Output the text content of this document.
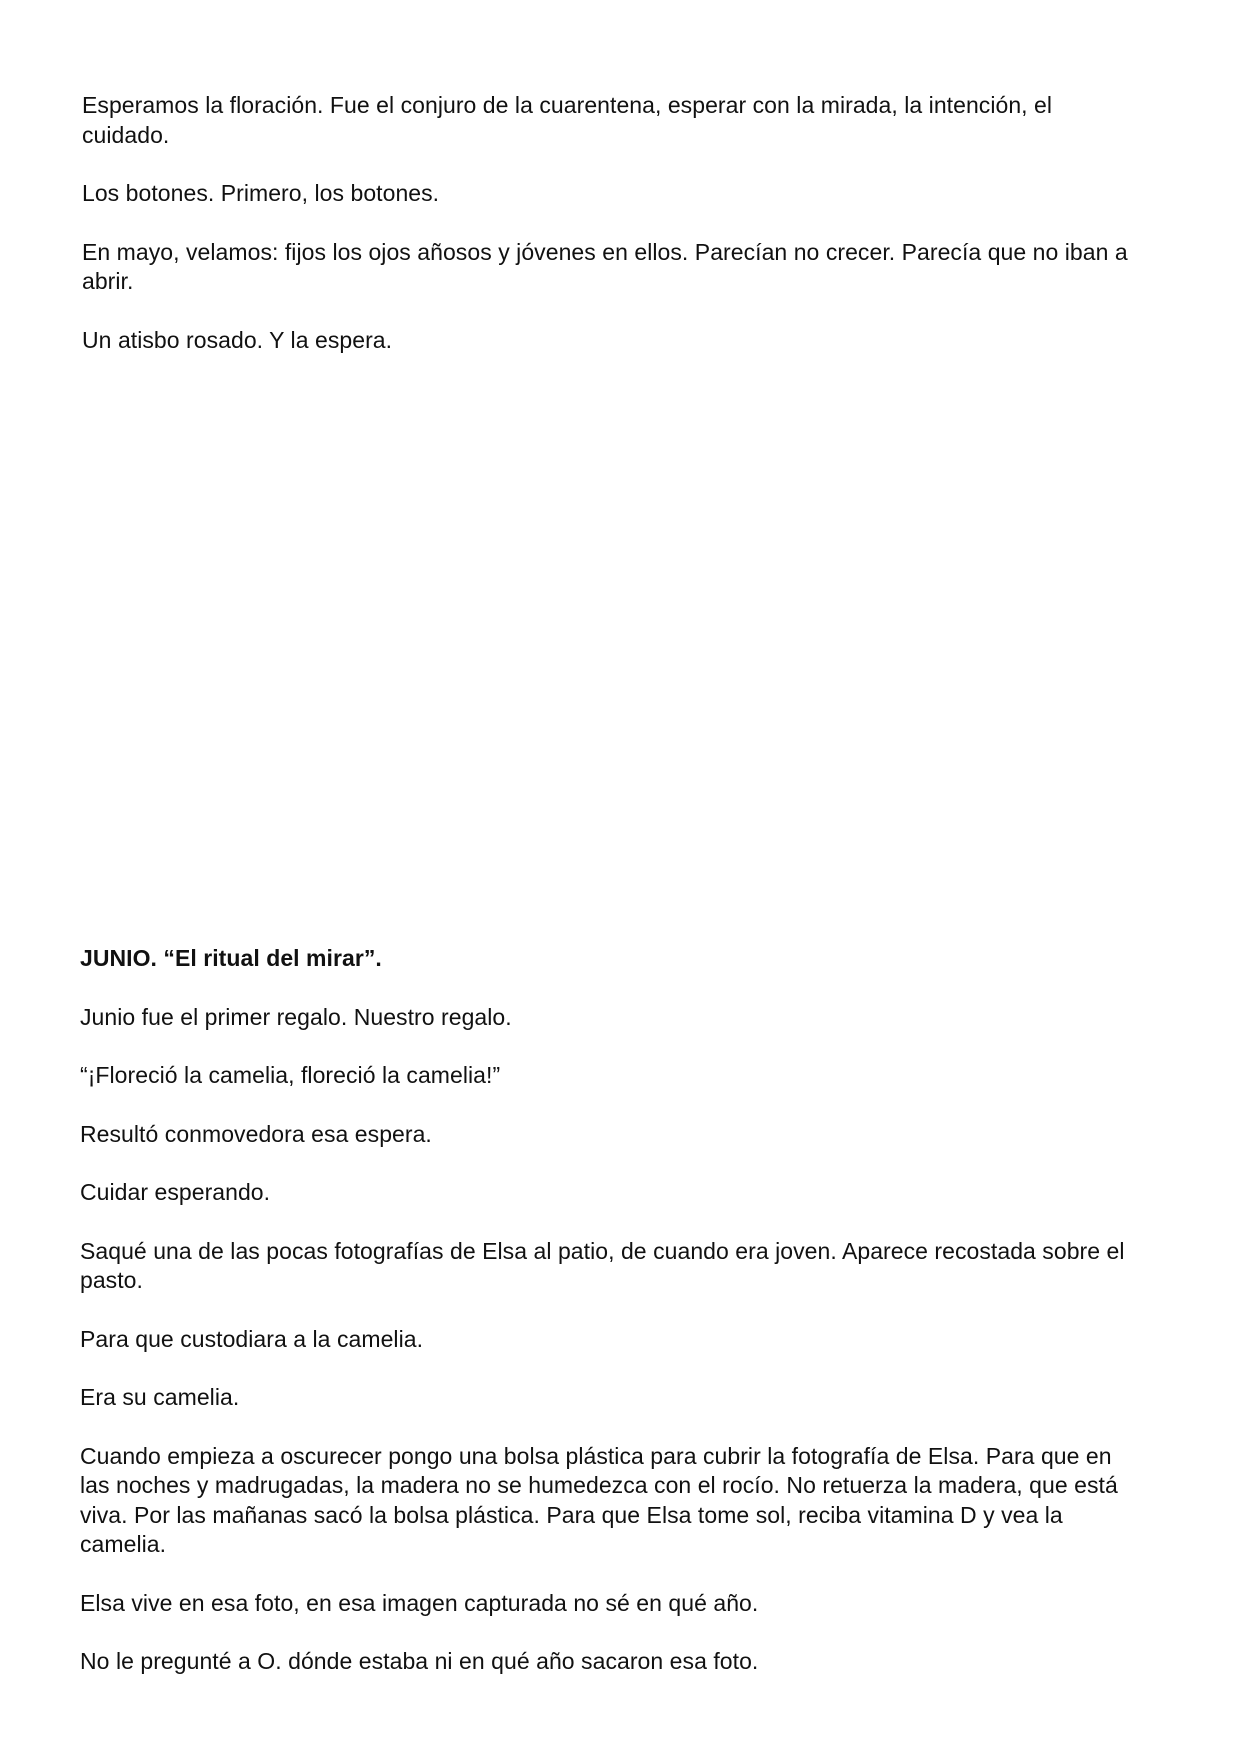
Esperamos la floración. Fue el conjuro de la cuarentena, esperar con la mirada, la intención, el cuidado.

Los botones. Primero, los botones.

En mayo, velamos: fijos los ojos añosos y jóvenes en ellos. Parecían no crecer. Parecía que no iban a abrir.

Un atisbo rosado. Y la espera.

JUNIO. “El ritual del mirar”.

Junio fue el primer regalo. Nuestro regalo.

“¡Floreció la camelia, floreció la camelia!”

Resultó conmovedora esa espera.

Cuidar esperando.

Saqué una de las pocas fotografías de Elsa al patio, de cuando era joven. Aparece recostada sobre el pasto.

Para que custodiara a la camelia.

Era su camelia.

Cuando empieza a oscurecer pongo una bolsa plástica para cubrir la fotografía de Elsa. Para que en las noches y madrugadas, la madera no se humedezca con el rocío. No retuerza la madera, que está viva. Por las mañanas sacó la bolsa plástica. Para que Elsa tome sol, reciba vitamina D y vea la camelia.

Elsa vive en esa foto, en esa imagen capturada no sé en qué año.

No le pregunté a O. dónde estaba ni en qué año sacaron esa foto.
